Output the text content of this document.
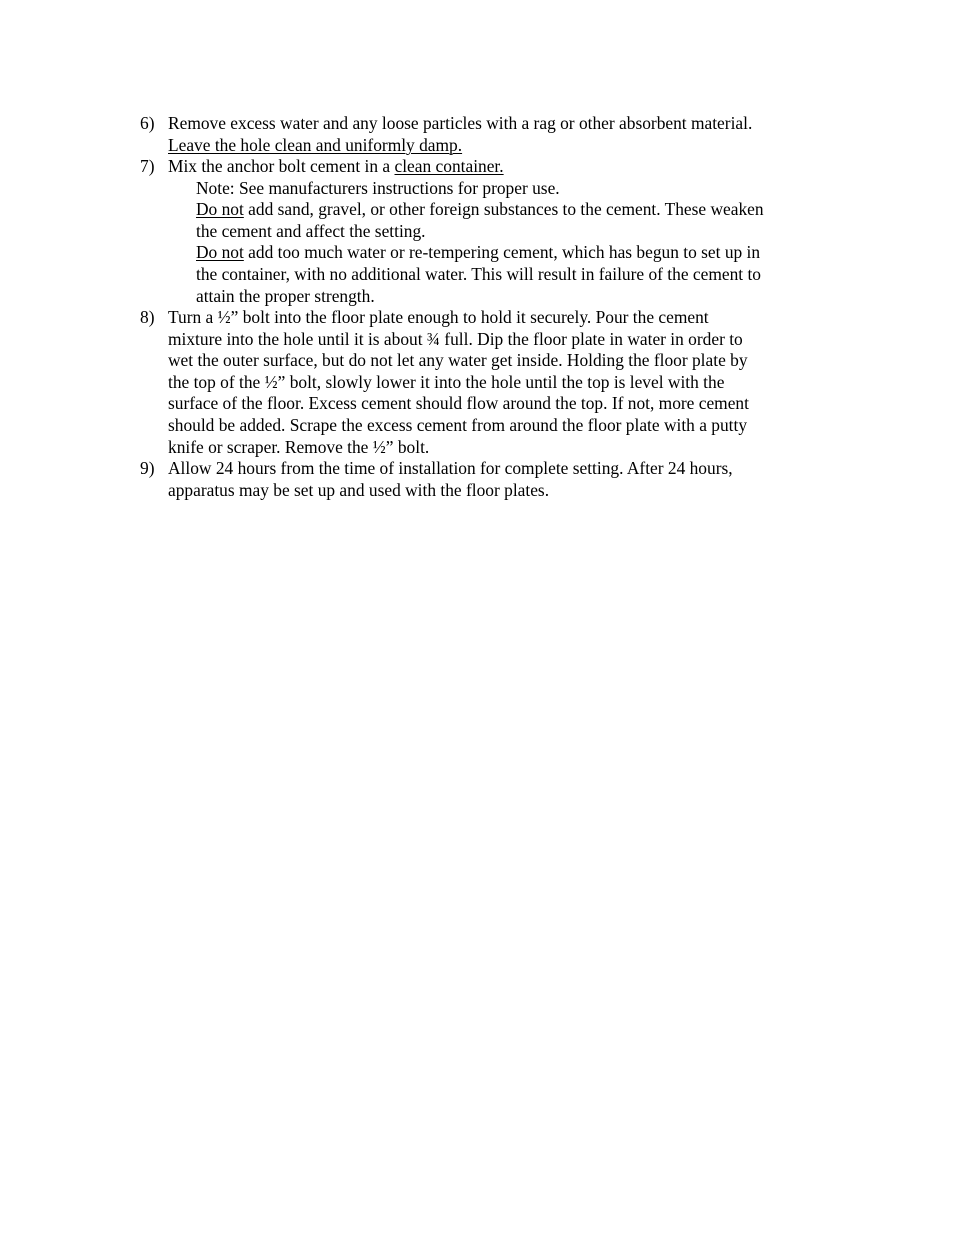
6) Remove excess water and any loose particles with a rag or other absorbent material.
Leave the hole clean and uniformly damp.
7) Mix the anchor bolt cement in a clean container.
Note: See manufacturers instructions for proper use.
Do not add sand, gravel, or other foreign substances to the cement. These weaken
the cement and affect the setting.
Do not add too much water or re-tempering cement, which has begun to set up in
the container, with no additional water. This will result in failure of the cement to
attain the proper strength.
8) Turn a ½” bolt into the floor plate enough to hold it securely. Pour the cement
mixture into the hole until it is about ¾ full. Dip the floor plate in water in order to
wet the outer surface, but do not let any water get inside. Holding the floor plate by
the top of the ½” bolt, slowly lower it into the hole until the top is level with the
surface of the floor. Excess cement should flow around the top. If not, more cement
should be added. Scrape the excess cement from around the floor plate with a putty
knife or scraper. Remove the ½” bolt.
9) Allow 24 hours from the time of installation for complete setting. After 24 hours,
apparatus may be set up and used with the floor plates.
